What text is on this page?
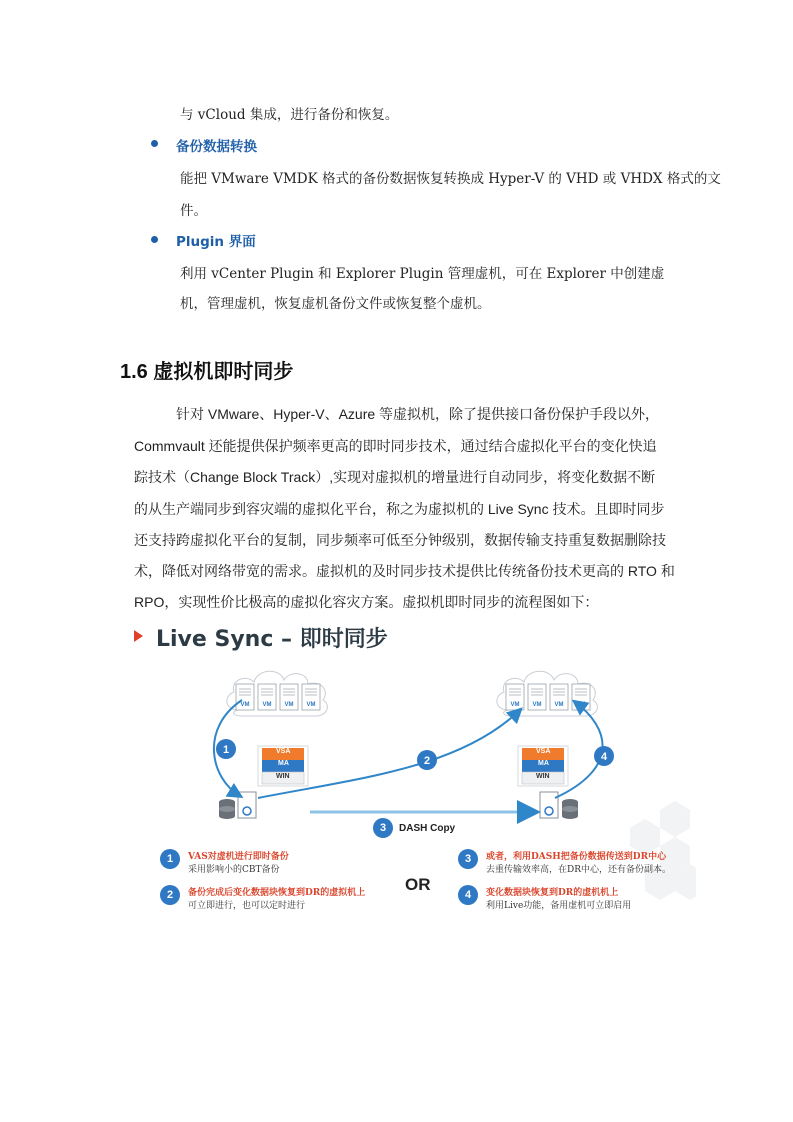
与 vCloud 集成，进行备份和恢复。
备份数据转换
能把 VMware VMDK 格式的备份数据恢复转换成 Hyper-V 的 VHD 或 VHDX 格式的文
件。
Plugin 界面
利用 vCenter Plugin 和 Explorer Plugin 管理虚机，可在 Explorer 中创建虚
机，管理虚机，恢复虚机备份文件或恢复整个虚机。
1.6 虚拟机即时同步
针对 VMware、Hyper-V、Azure 等虚拟机，除了提供接口备份保护手段以外，
Commvault 还能提供保护频率更高的即时同步技术，通过结合虚拟化平台的变化快追
踪技术（Change Block Track）,实现对虚拟机的增量进行自动同步，将变化数据不断
的从生产端同步到容灾端的虚拟化平台，称之为虚拟机的 Live Sync 技术。且即时同步
还支持跨虚拟化平台的复制，同步频率可低至分钟级别，数据传输支持重复数据删除技
术，降低对网络带宽的需求。虚拟机的及时同步技术提供比传统备份技术更高的 RTO 和
RPO，实现性价比极高的虚拟化容灾方案。虚拟机即时同步的流程图如下：
Live Sync – 即时同步
VM VM VM VM	VM VM VM VM
1
2	4
VSA
MA
WIN
VSA
MA
WIN
3	DASH Copy
1	VAS对虚机进行即时备份
采用影响小的CBT备份
2	备份完成后变化数据块恢复到DR的虚拟机上
可立即进行，也可以定时进行
OR
3	或者，利用DASH把备份数据传送到DR中心
去重传输效率高，在DR中心，还有备份副本。
4	变化数据块恢复到DR的虚机机上
利用Live功能，备用虚机可立即启用
